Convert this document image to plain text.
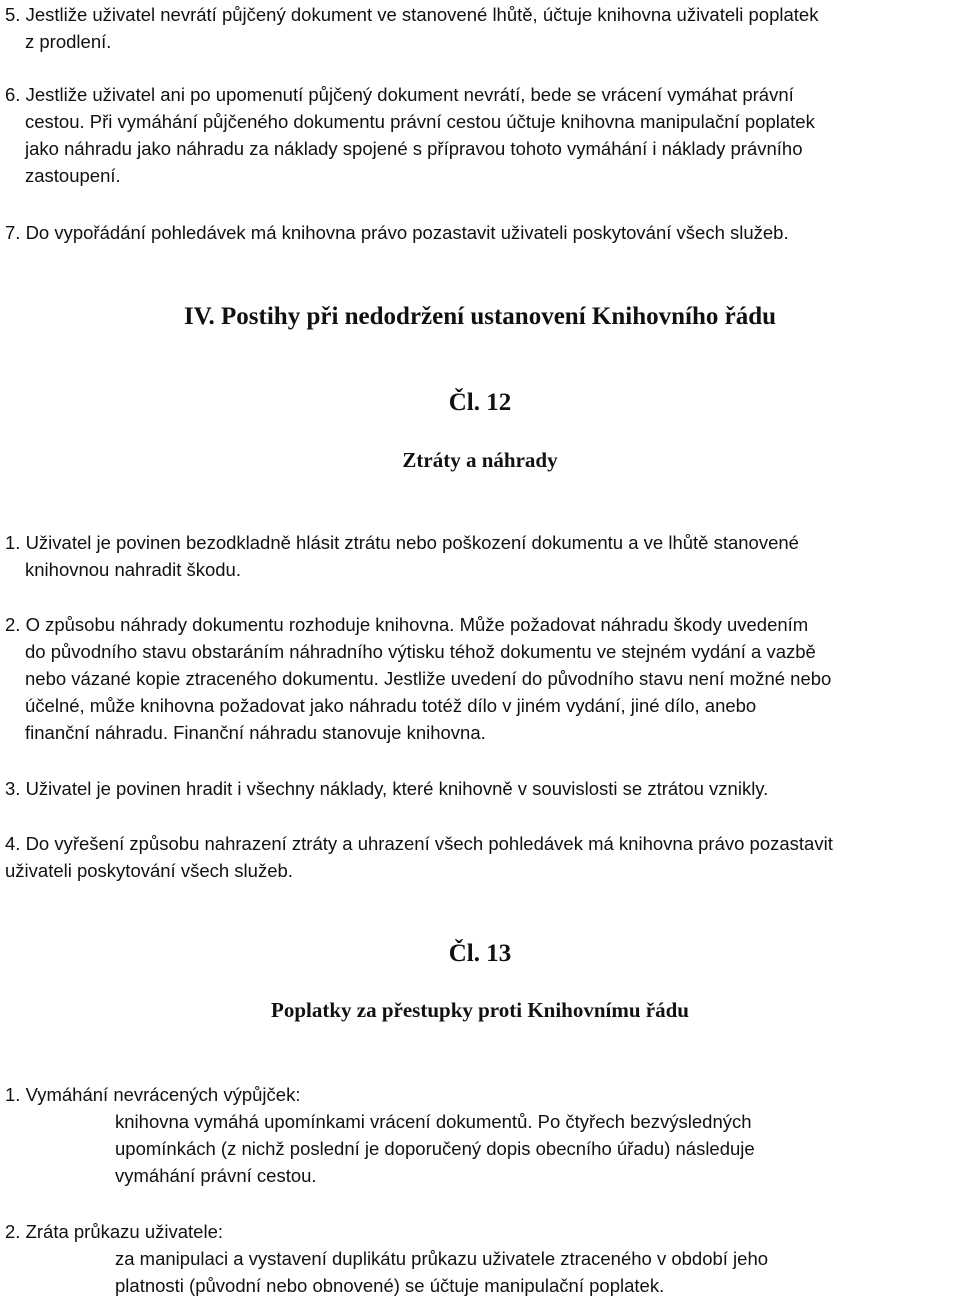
5. Jestliže uživatel nevrátí půjčený dokument ve stanovené lhůtě, účtuje knihovna uživateli poplatek
z prodlení.
6. Jestliže uživatel ani po upomenutí půjčený dokument nevrátí, bede se vrácení vymáhat právní
cestou. Při vymáhání půjčeného dokumentu právní cestou účtuje knihovna manipulační poplatek
jako náhradu jako náhradu za náklady spojené s přípravou tohoto vymáhání i náklady právního
zastoupení.
7. Do vypořádání pohledávek má knihovna právo pozastavit uživateli poskytování všech služeb.
IV. Postihy při nedodržení ustanovení Knihovního řádu
Čl. 12
Ztráty a náhrady
1. Uživatel je povinen bezodkladně hlásit ztrátu nebo poškození dokumentu a ve lhůtě stanovené
knihovnou nahradit škodu.
2. O způsobu náhrady dokumentu rozhoduje knihovna. Může požadovat náhradu škody uvedením
do původního stavu obstaráním náhradního výtisku téhož dokumentu ve stejném vydání a vazbě
nebo vázané kopie ztraceného dokumentu. Jestliže uvedení do původního stavu není možné nebo
účelné, může knihovna požadovat jako náhradu totéž dílo v jiném vydání, jiné dílo, anebo
finanční náhradu. Finanční náhradu stanovuje knihovna.
3. Uživatel je povinen hradit i všechny náklady, které knihovně v souvislosti se ztrátou vznikly.
4. Do vyřešení způsobu nahrazení ztráty a uhrazení všech pohledávek má knihovna právo pozastavit
uživateli poskytování všech služeb.
Čl. 13
Poplatky za přestupky proti Knihovnímu řádu
1. Vymáhání nevrácených výpůjček:
knihovna vymáhá upomínkami vrácení dokumentů. Po čtyřech bezvýsledných
upomínkách (z nichž poslední je doporučený dopis obecního úřadu) následuje
vymáhání právní cestou.
2. Zráta průkazu uživatele:
za manipulaci a vystavení duplikátu průkazu uživatele ztraceného v období jeho
platnosti (původní nebo obnovené) se účtuje manipulační poplatek.
